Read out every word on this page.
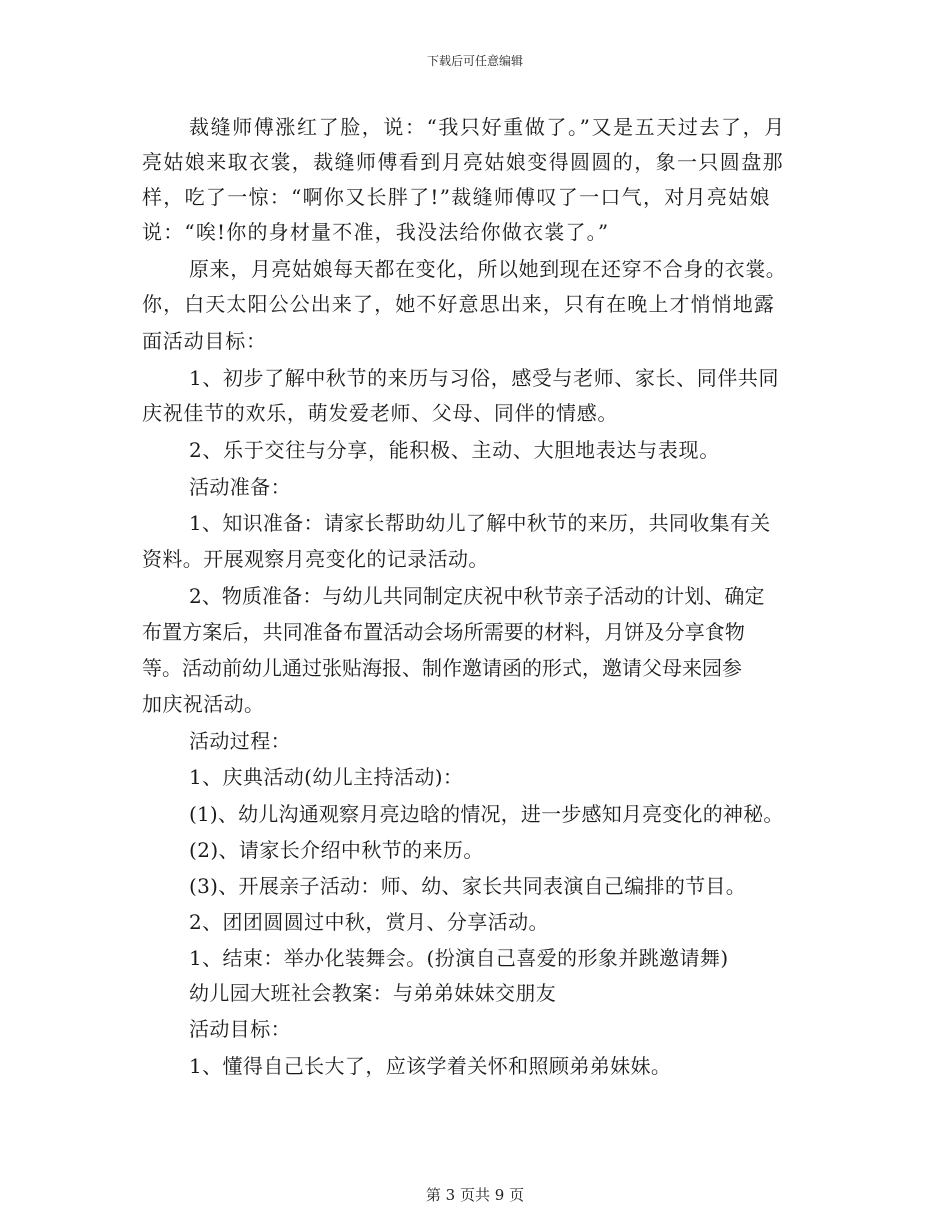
下载后可任意编辑
裁缝师傅涨红了脸，说：“我只好重做了。”又是五天过去了，月
亮姑娘来取衣裳，裁缝师傅看到月亮姑娘变得圆圆的，象一只圆盘那
样，吃了一惊：“啊你又长胖了!”裁缝师傅叹了一口气，对月亮姑娘
说：“唉!你的身材量不准，我没法给你做衣裳了。”
原来，月亮姑娘每天都在变化，所以她到现在还穿不合身的衣裳。
你，白天太阳公公出来了，她不好意思出来，只有在晚上才悄悄地露
面活动目标：
1、初步了解中秋节的来历与习俗，感受与老师、家长、同伴共同
庆祝佳节的欢乐，萌发爱老师、父母、同伴的情感。
2、乐于交往与分享，能积极、主动、大胆地表达与表现。
活动准备：
1、知识准备：请家长帮助幼儿了解中秋节的来历，共同收集有关
资料。开展观察月亮变化的记录活动。
2、物质准备：与幼儿共同制定庆祝中秋节亲子活动的计划、确定
布置方案后，共同准备布置活动会场所需要的材料，月饼及分享食物
等。活动前幼儿通过张贴海报、制作邀请函的形式，邀请父母来园参
加庆祝活动。
活动过程：
1、庆典活动(幼儿主持活动)：
(1)、幼儿沟通观察月亮边晗的情况，进一步感知月亮变化的神秘。
(2)、请家长介绍中秋节的来历。
(3)、开展亲子活动：师、幼、家长共同表演自己编排的节目。
2、团团圆圆过中秋，赏月、分享活动。
1、结束：举办化装舞会。(扮演自己喜爱的形象并跳邀请舞)
幼儿园大班社会教案：与弟弟妹妹交朋友
活动目标：
1、懂得自己长大了，应该学着关怀和照顾弟弟妹妹。
第 3 页共 9 页
